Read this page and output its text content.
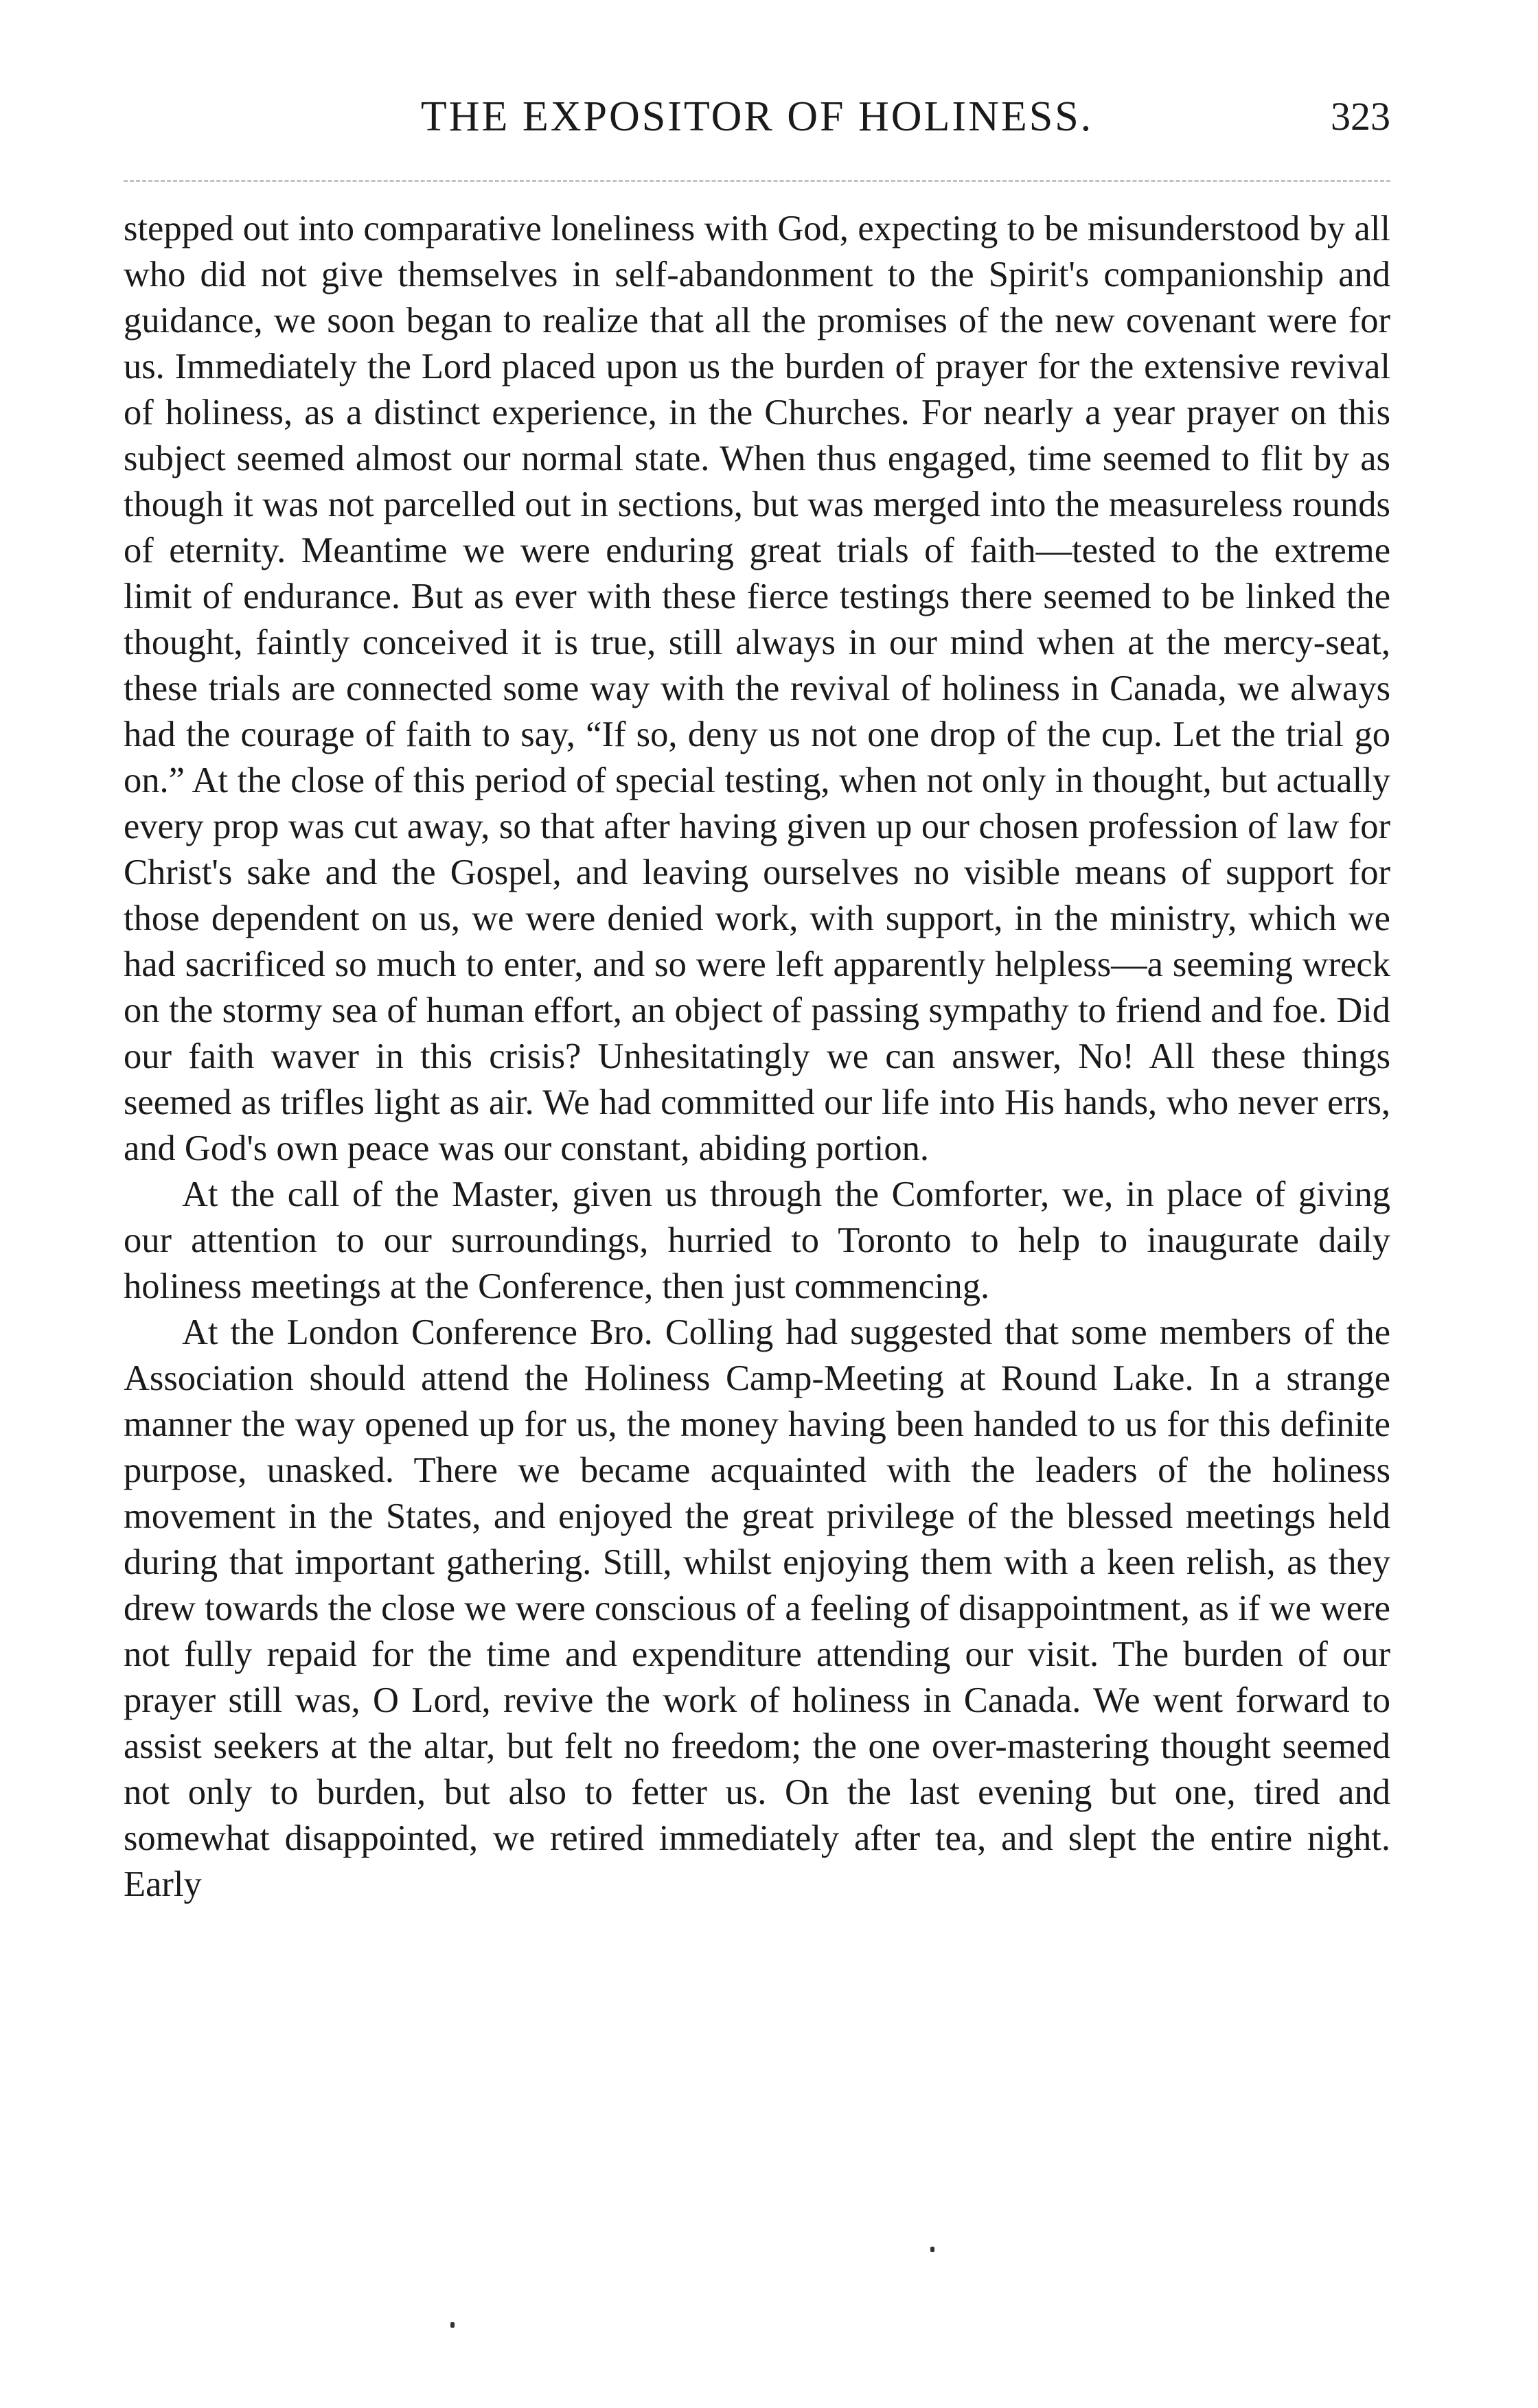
THE EXPOSITOR OF HOLINESS.	323

stepped out into comparative loneliness with God, expecting to be misunderstood by all who did not give themselves in self-abandonment to the Spirit's companionship and guidance, we soon began to realize that all the promises of the new covenant were for us. Immediately the Lord placed upon us the burden of prayer for the extensive revival of holiness, as a distinct experience, in the Churches. For nearly a year prayer on this subject seemed almost our normal state. When thus engaged, time seemed to flit by as though it was not parcelled out in sections, but was merged into the measureless rounds of eternity. Meantime we were enduring great trials of faith—tested to the extreme limit of endurance. But as ever with these fierce testings there seemed to be linked the thought, faintly conceived it is true, still always in our mind when at the mercy-seat, these trials are connected some way with the revival of holiness in Canada, we always had the courage of faith to say, “If so, deny us not one drop of the cup. Let the trial go on.” At the close of this period of special testing, when not only in thought, but actually every prop was cut away, so that after having given up our chosen profession of law for Christ's sake and the Gospel, and leaving ourselves no visible means of support for those dependent on us, we were denied work, with support, in the ministry, which we had sacrificed so much to enter, and so were left apparently helpless—a seeming wreck on the stormy sea of human effort, an object of passing sympathy to friend and foe. Did our faith waver in this crisis? Unhesitatingly we can answer, No! All these things seemed as trifles light as air. We had committed our life into His hands, who never errs, and God's own peace was our constant, abiding portion.

At the call of the Master, given us through the Comforter, we, in place of giving our attention to our surroundings, hurried to Toronto to help to inaugurate daily holiness meetings at the Conference, then just commencing.

At the London Conference Bro. Colling had suggested that some members of the Association should attend the Holiness Camp-Meeting at Round Lake. In a strange manner the way opened up for us, the money having been handed to us for this definite purpose, unasked. There we became acquainted with the leaders of the holiness movement in the States, and enjoyed the great privilege of the blessed meetings held during that important gathering. Still, whilst enjoying them with a keen relish, as they drew towards the close we were conscious of a feeling of disappointment, as if we were not fully repaid for the time and expenditure attending our visit. The burden of our prayer still was, O Lord, revive the work of holiness in Canada. We went forward to assist seekers at the altar, but felt no freedom; the one over-mastering thought seemed not only to burden, but also to fetter us. On the last evening but one, tired and somewhat disappointed, we retired immediately after tea, and slept the entire night. Early
